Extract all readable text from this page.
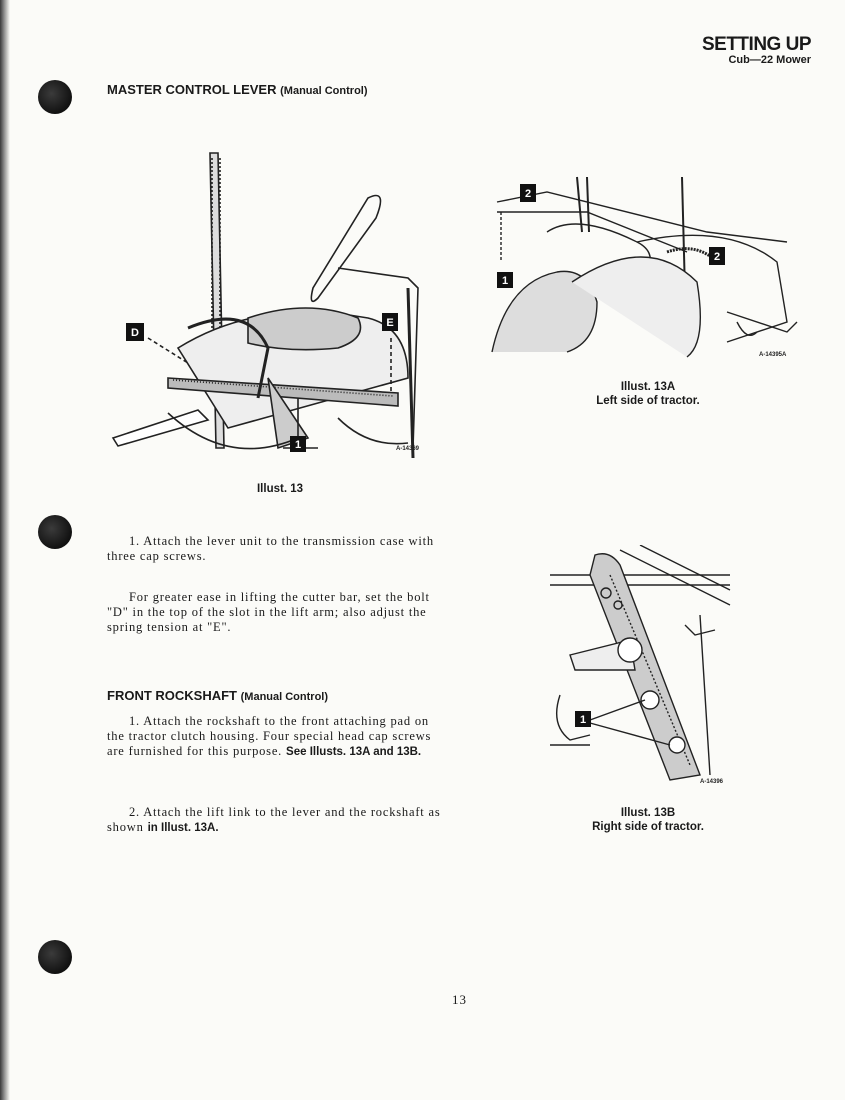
SETTING UP
Cub—22 Mower
MASTER CONTROL LEVER (Manual Control)
D
E
1	A-14369
Illust. 13
2
2
1
A-14395A
Illust. 13A
Left side of tractor.
1
A-14396
Illust. 13B
Right side of tractor.
1. Attach the lever unit to the transmission case with three cap screws.
For greater ease in lifting the cutter bar, set the bolt "D" in the top of the slot in the lift arm; also adjust the spring tension at "E".
FRONT ROCKSHAFT (Manual Control)
1. Attach the rockshaft to the front attaching pad on the tractor clutch housing. Four special head cap screws are furnished for this purpose. See Illusts. 13A and 13B.
2. Attach the lift link to the lever and the rockshaft as shown in Illust. 13A.
13
